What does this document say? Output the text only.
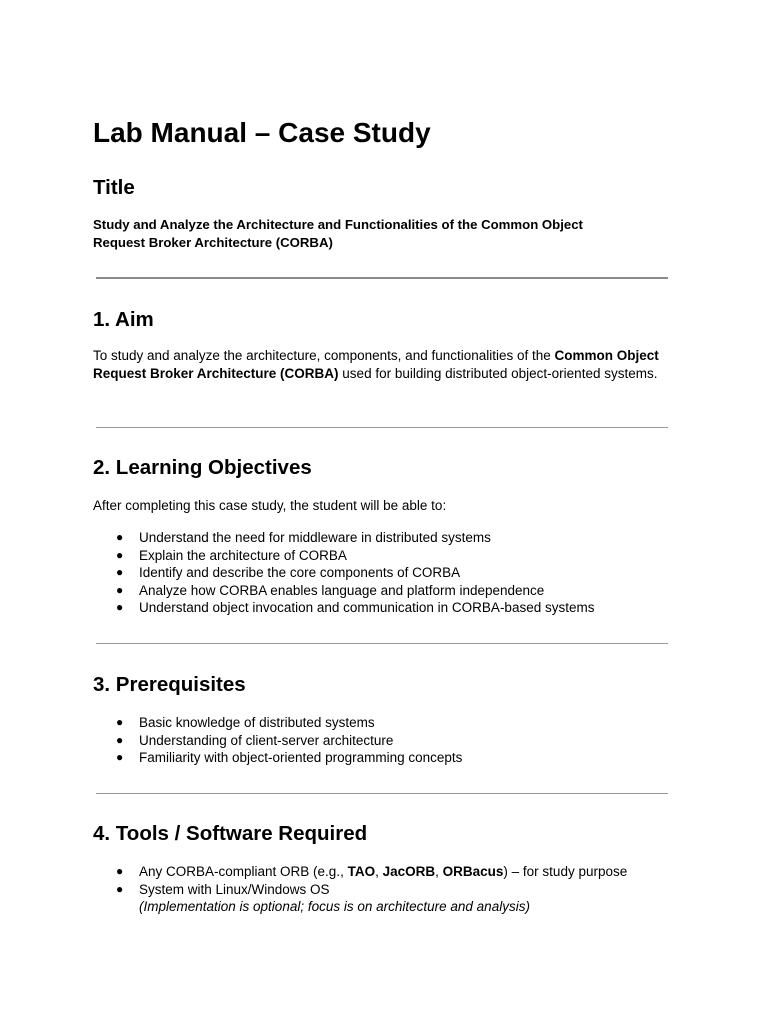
Lab Manual – Case Study
Title
Study and Analyze the Architecture and Functionalities of the Common Object
Request Broker Architecture (CORBA)
1. Aim
To study and analyze the architecture, components, and functionalities of the Common Object Request Broker Architecture (CORBA) used for building distributed object-oriented systems.
2. Learning Objectives
After completing this case study, the student will be able to:
● Understand the need for middleware in distributed systems
● Explain the architecture of CORBA
● Identify and describe the core components of CORBA
● Analyze how CORBA enables language and platform independence
● Understand object invocation and communication in CORBA-based systems
3. Prerequisites
● Basic knowledge of distributed systems
● Understanding of client-server architecture
● Familiarity with object-oriented programming concepts
4. Tools / Software Required
● Any CORBA-compliant ORB (e.g., TAO, JacORB, ORBacus) – for study purpose
● System with Linux/Windows OS
(Implementation is optional; focus is on architecture and analysis)
